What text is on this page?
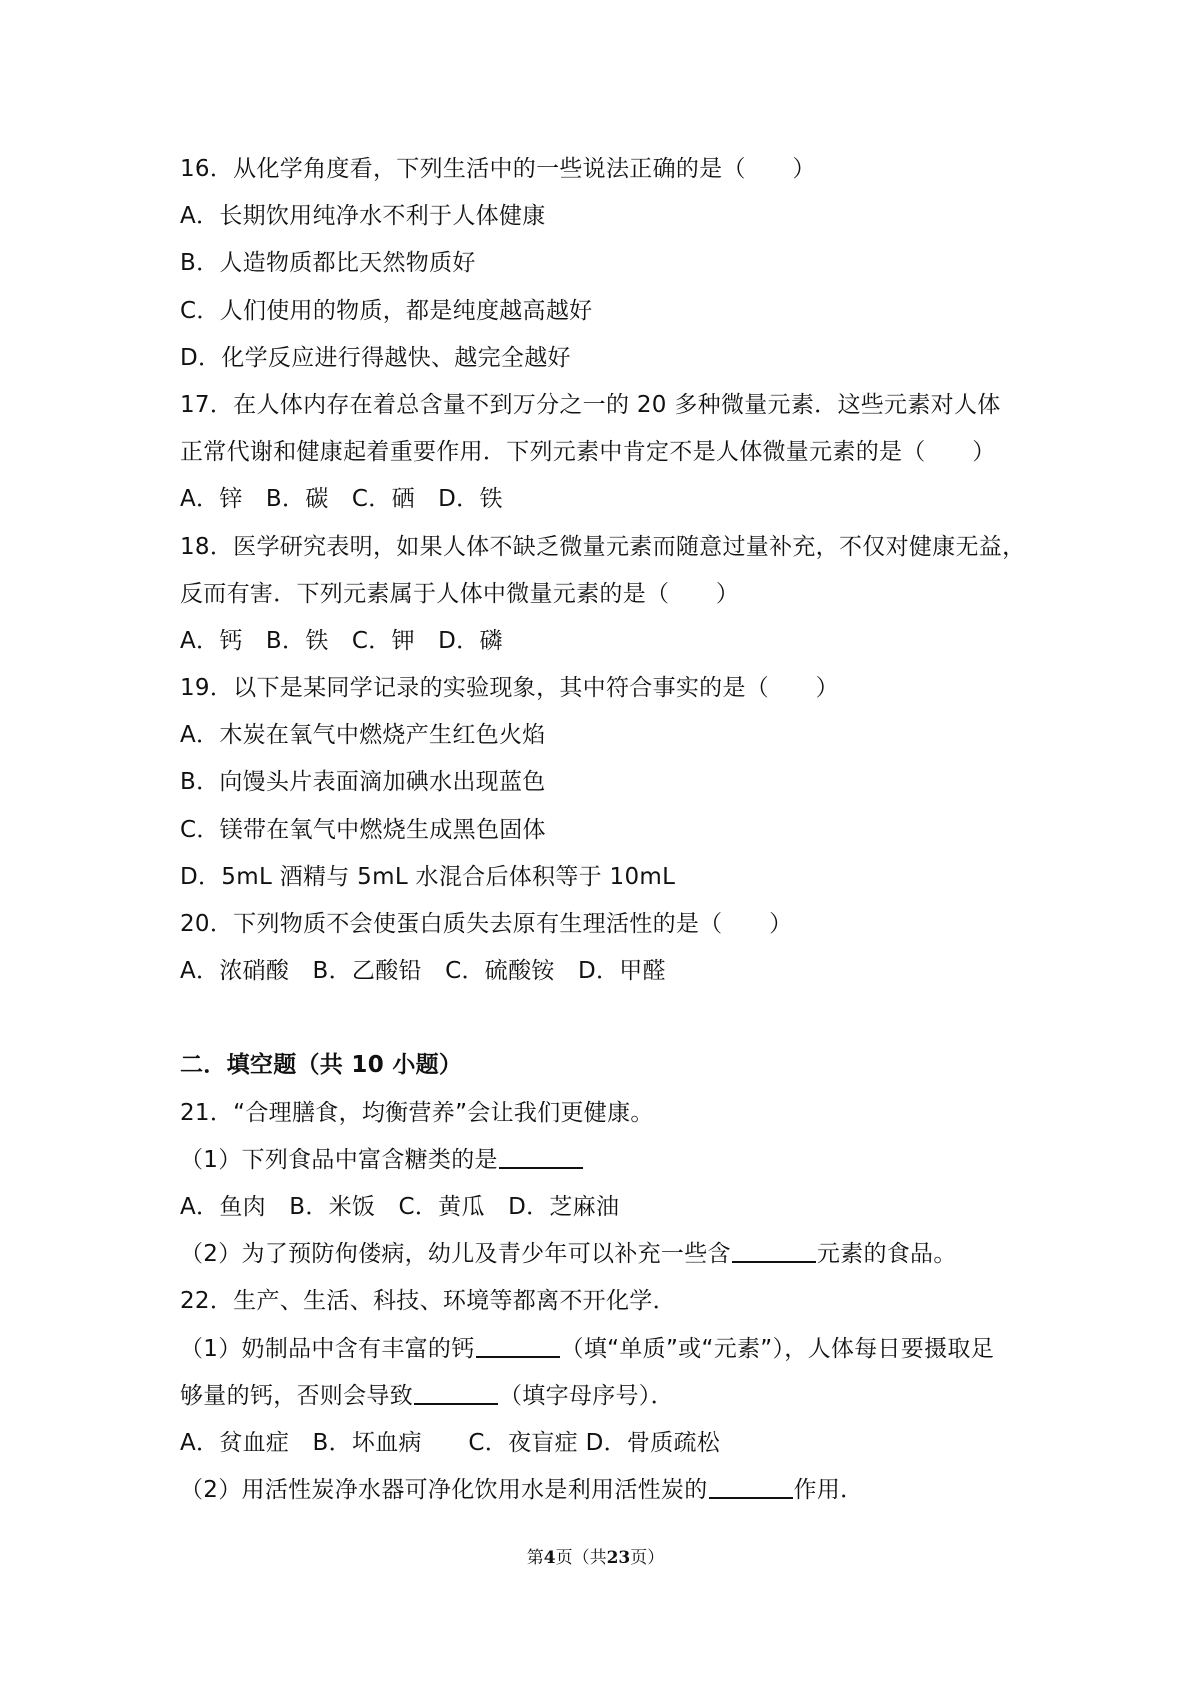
16．从化学角度看，下列生活中的一些说法正确的是（　　）
A．长期饮用纯净水不利于人体健康
B．人造物质都比天然物质好
C．人们使用的物质，都是纯度越高越好
D．化学反应进行得越快、越完全越好
17．在人体内存在着总含量不到万分之一的 20 多种微量元素．这些元素对人体
正常代谢和健康起着重要作用．下列元素中肯定不是人体微量元素的是（　　）
A．锌　B．碳　C．硒　D．铁
18．医学研究表明，如果人体不缺乏微量元素而随意过量补充，不仅对健康无益，
反而有害．下列元素属于人体中微量元素的是（　　）
A．钙　B．铁　C．钾　D．磷
19．以下是某同学记录的实验现象，其中符合事实的是（　　）
A．木炭在氧气中燃烧产生红色火焰
B．向馒头片表面滴加碘水出现蓝色
C．镁带在氧气中燃烧生成黑色固体
D．5mL 酒精与 5mL 水混合后体积等于 10mL
20．下列物质不会使蛋白质失去原有生理活性的是（　　）
A．浓硝酸　B．乙酸铅　C．硫酸铵　D．甲醛
二．填空题（共 10 小题）
21．“合理膳食，均衡营养”会让我们更健康。
（1）下列食品中富含糖类的是
A．鱼肉　B．米饭　C．黄瓜　D．芝麻油
（2）为了预防佝偻病，幼儿及青少年可以补充一些含	元素的食品。
22．生产、生活、科技、环境等都离不开化学．
（1）奶制品中含有丰富的钙	（填“单质”或“元素”），人体每日要摄取足
够量的钙，否则会导致	（填字母序号）．
A．贫血症　B．坏血病　　C．夜盲症 D．骨质疏松
（2）用活性炭净水器可净化饮用水是利用活性炭的	作用．
第4页（共23页）
